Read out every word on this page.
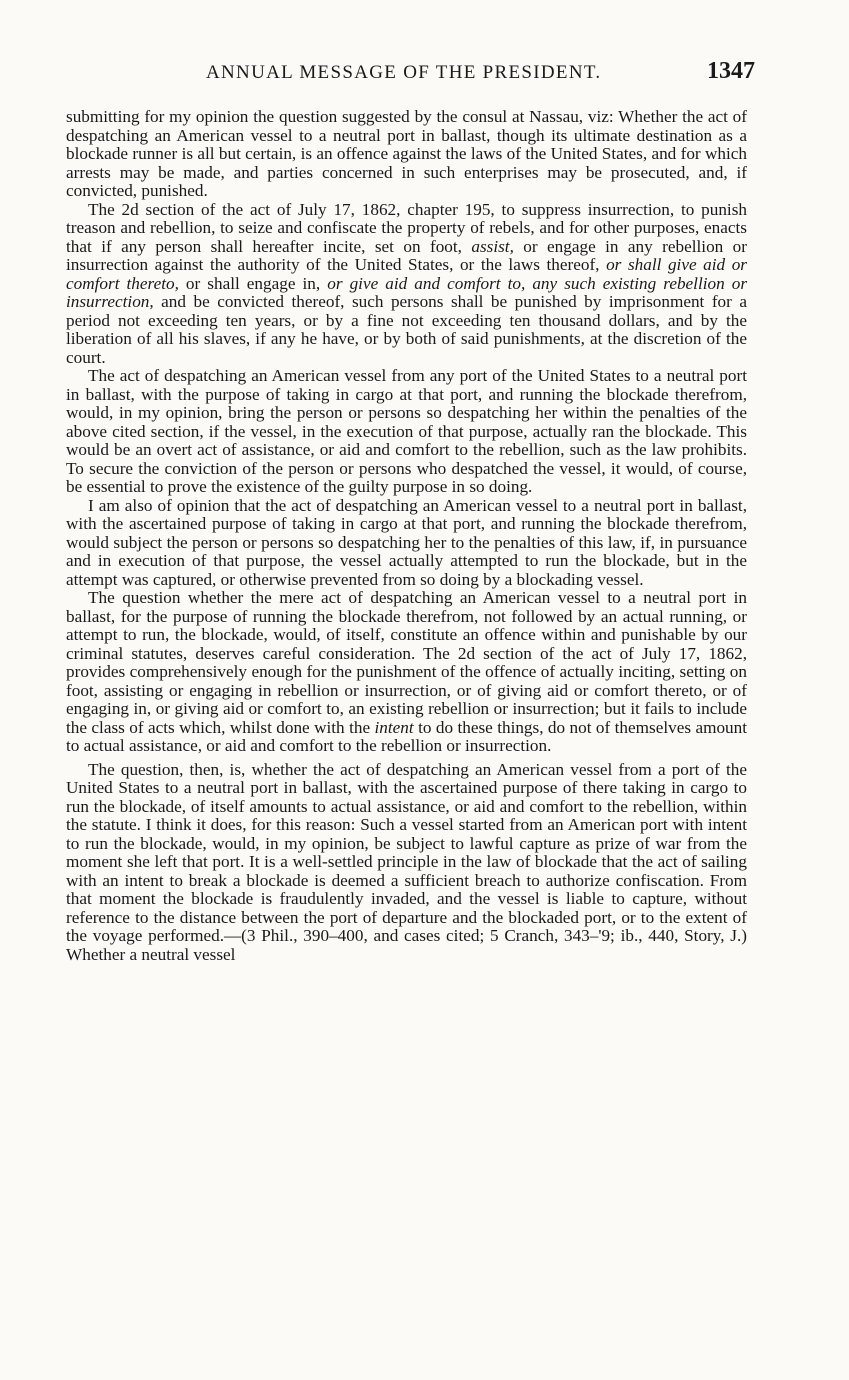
ANNUAL MESSAGE OF THE PRESIDENT.	1347

submitting for my opinion the question suggested by the consul at Nassau, viz: Whether the act of despatching an American vessel to a neutral port in ballast, though its ultimate destination as a blockade runner is all but certain, is an offence against the laws of the United States, and for which arrests may be made, and parties concerned in such enterprises may be prosecuted, and, if convicted, punished.

The 2d section of the act of July 17, 1862, chapter 195, to suppress insurrection, to punish treason and rebellion, to seize and confiscate the property of rebels, and for other purposes, enacts that if any person shall hereafter incite, set on foot, assist, or engage in any rebellion or insurrection against the authority of the United States, or the laws thereof, or shall give aid or comfort thereto, or shall engage in, or give aid and comfort to, any such existing rebellion or insurrection, and be convicted thereof, such persons shall be punished by imprisonment for a period not exceeding ten years, or by a fine not exceeding ten thousand dollars, and by the liberation of all his slaves, if any he have, or by both of said punishments, at the discretion of the court.

The act of despatching an American vessel from any port of the United States to a neutral port in ballast, with the purpose of taking in cargo at that port, and running the blockade therefrom, would, in my opinion, bring the person or persons so despatching her within the penalties of the above cited section, if the vessel, in the execution of that purpose, actually ran the blockade. This would be an overt act of assistance, or aid and comfort to the rebellion, such as the law prohibits. To secure the conviction of the person or persons who despatched the vessel, it would, of course, be essential to prove the existence of the guilty purpose in so doing.

I am also of opinion that the act of despatching an American vessel to a neutral port in ballast, with the ascertained purpose of taking in cargo at that port, and running the blockade therefrom, would subject the person or persons so despatching her to the penalties of this law, if, in pursuance and in execution of that purpose, the vessel actually attempted to run the blockade, but in the attempt was captured, or otherwise prevented from so doing by a blockading vessel.

The question whether the mere act of despatching an American vessel to a neutral port in ballast, for the purpose of running the blockade therefrom, not followed by an actual running, or attempt to run, the blockade, would, of itself, constitute an offence within and punishable by our criminal statutes, deserves careful consideration. The 2d section of the act of July 17, 1862, provides comprehensively enough for the punishment of the offence of actually inciting, setting on foot, assisting or engaging in rebellion or insurrection, or of giving aid or comfort thereto, or of engaging in, or giving aid or comfort to, an existing rebellion or insurrection; but it fails to include the class of acts which, whilst done with the intent to do these things, do not of themselves amount to actual assistance, or aid and comfort to the rebellion or insurrection.

The question, then, is, whether the act of despatching an American vessel from a port of the United States to a neutral port in ballast, with the ascertained purpose of there taking in cargo to run the blockade, of itself amounts to actual assistance, or aid and comfort to the rebellion, within the statute. I think it does, for this reason: Such a vessel started from an American port with intent to run the blockade, would, in my opinion, be subject to lawful capture as prize of war from the moment she left that port. It is a well-settled principle in the law of blockade that the act of sailing with an intent to break a blockade is deemed a sufficient breach to authorize confiscation. From that moment the blockade is fraudulently invaded, and the vessel is liable to capture, without reference to the distance between the port of departure and the blockaded port, or to the extent of the voyage performed.—(3 Phil., 390–400, and cases cited; 5 Cranch, 343–'9; ib., 440, Story, J.) Whether a neutral vessel
